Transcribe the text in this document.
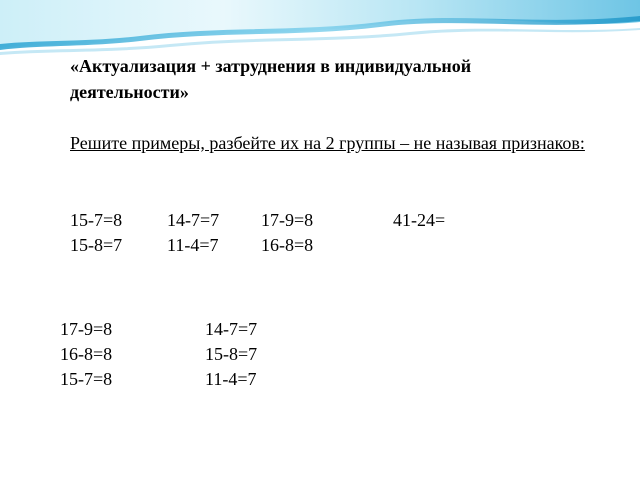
«Актуализация + затруднения в индивидуальной деятельности»

Решите примеры, разбейте их на 2 группы – не называя признаков:

15-7=8 14-7=7 17-9=8	41-24=
15-8=7 11-4=7 16-8=8
17-9=8
16-8=8
15-7=8
14-7=7
15-8=7
11-4=7
